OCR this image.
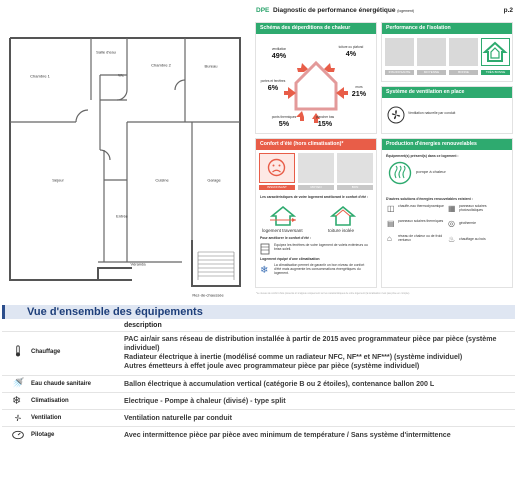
Chambre 1
Salle d'eau
Wc
Chambre 2	Bureau
Séjour	Cuisine	Garage
Entrée
Véranda
Rez-de-chaussée
DPE Diagnostic de performance énergétique (logement)	p.2
Schéma des déperditions de chaleur
ventilation
49%
toiture ou plafond
4%
portes et fenêtres
6%	murs
21%
ponts thermiques
5%
plancher bas
15%
Performance de l'isolation
INSUFFISANTE	MOYENNE	BONNE	TRÈS BONNE
Système de ventilation en place
Ventilation naturelle par conduit
Confort d'été (hors climatisation)*
INSUFFISANT	MOYEN	BON
Les caractéristiques de votre logement améliorant le confort d'été :
logement traversant	toiture isolée
Pour améliorer le confort d'été :
Equipez les fenêtres de votre logement de volets extérieurs ou brise-soleil.
Logement équipé d'une climatisation
❄ La climatisation permet de garantir un bon niveau de confort d'été mais augmente les consommations énergétiques du logement.
Production d'énergies renouvelables
Équipement(s) présent(s) dans ce logement :
pompe à chaleur
D'autres solutions d'énergies renouvelables existent :
◫ chauffe-eau thermodynamique ▦ panneaux solaires photovoltaïques
▤ panneaux solaires thermiques ◎ géothermie
⌂ réseau de chaleur ou de froid vertueux	♨ chauffage au bois
*Le niveau de confort d'été présenté ici s'appuie uniquement sur les caractéristiques de votre logement (la localisation n'est pas prise en compte).
Vue d'ensemble des équipements
description
Chauffage
PAC air/air sans réseau de distribution installée à partir de 2015 avec programmateur pièce par pièce (système
individuel)
Radiateur électrique à inertie (modélisé comme un radiateur NFC, NF** et NF***) (système individuel)
Autres émetteurs à effet joule avec programmateur pièce par pièce (système individuel)
🚿 Eau chaude sanitaire	Ballon électrique à accumulation vertical (catégorie B ou 2 étoiles), contenance ballon 200 L
❄	Climatisation	Electrique - Pompe à chaleur (divisé) - type split
Ventilation	Ventilation naturelle par conduit
Pilotage	Avec intermittence pièce par pièce avec minimum de température / Sans système d'intermittence
